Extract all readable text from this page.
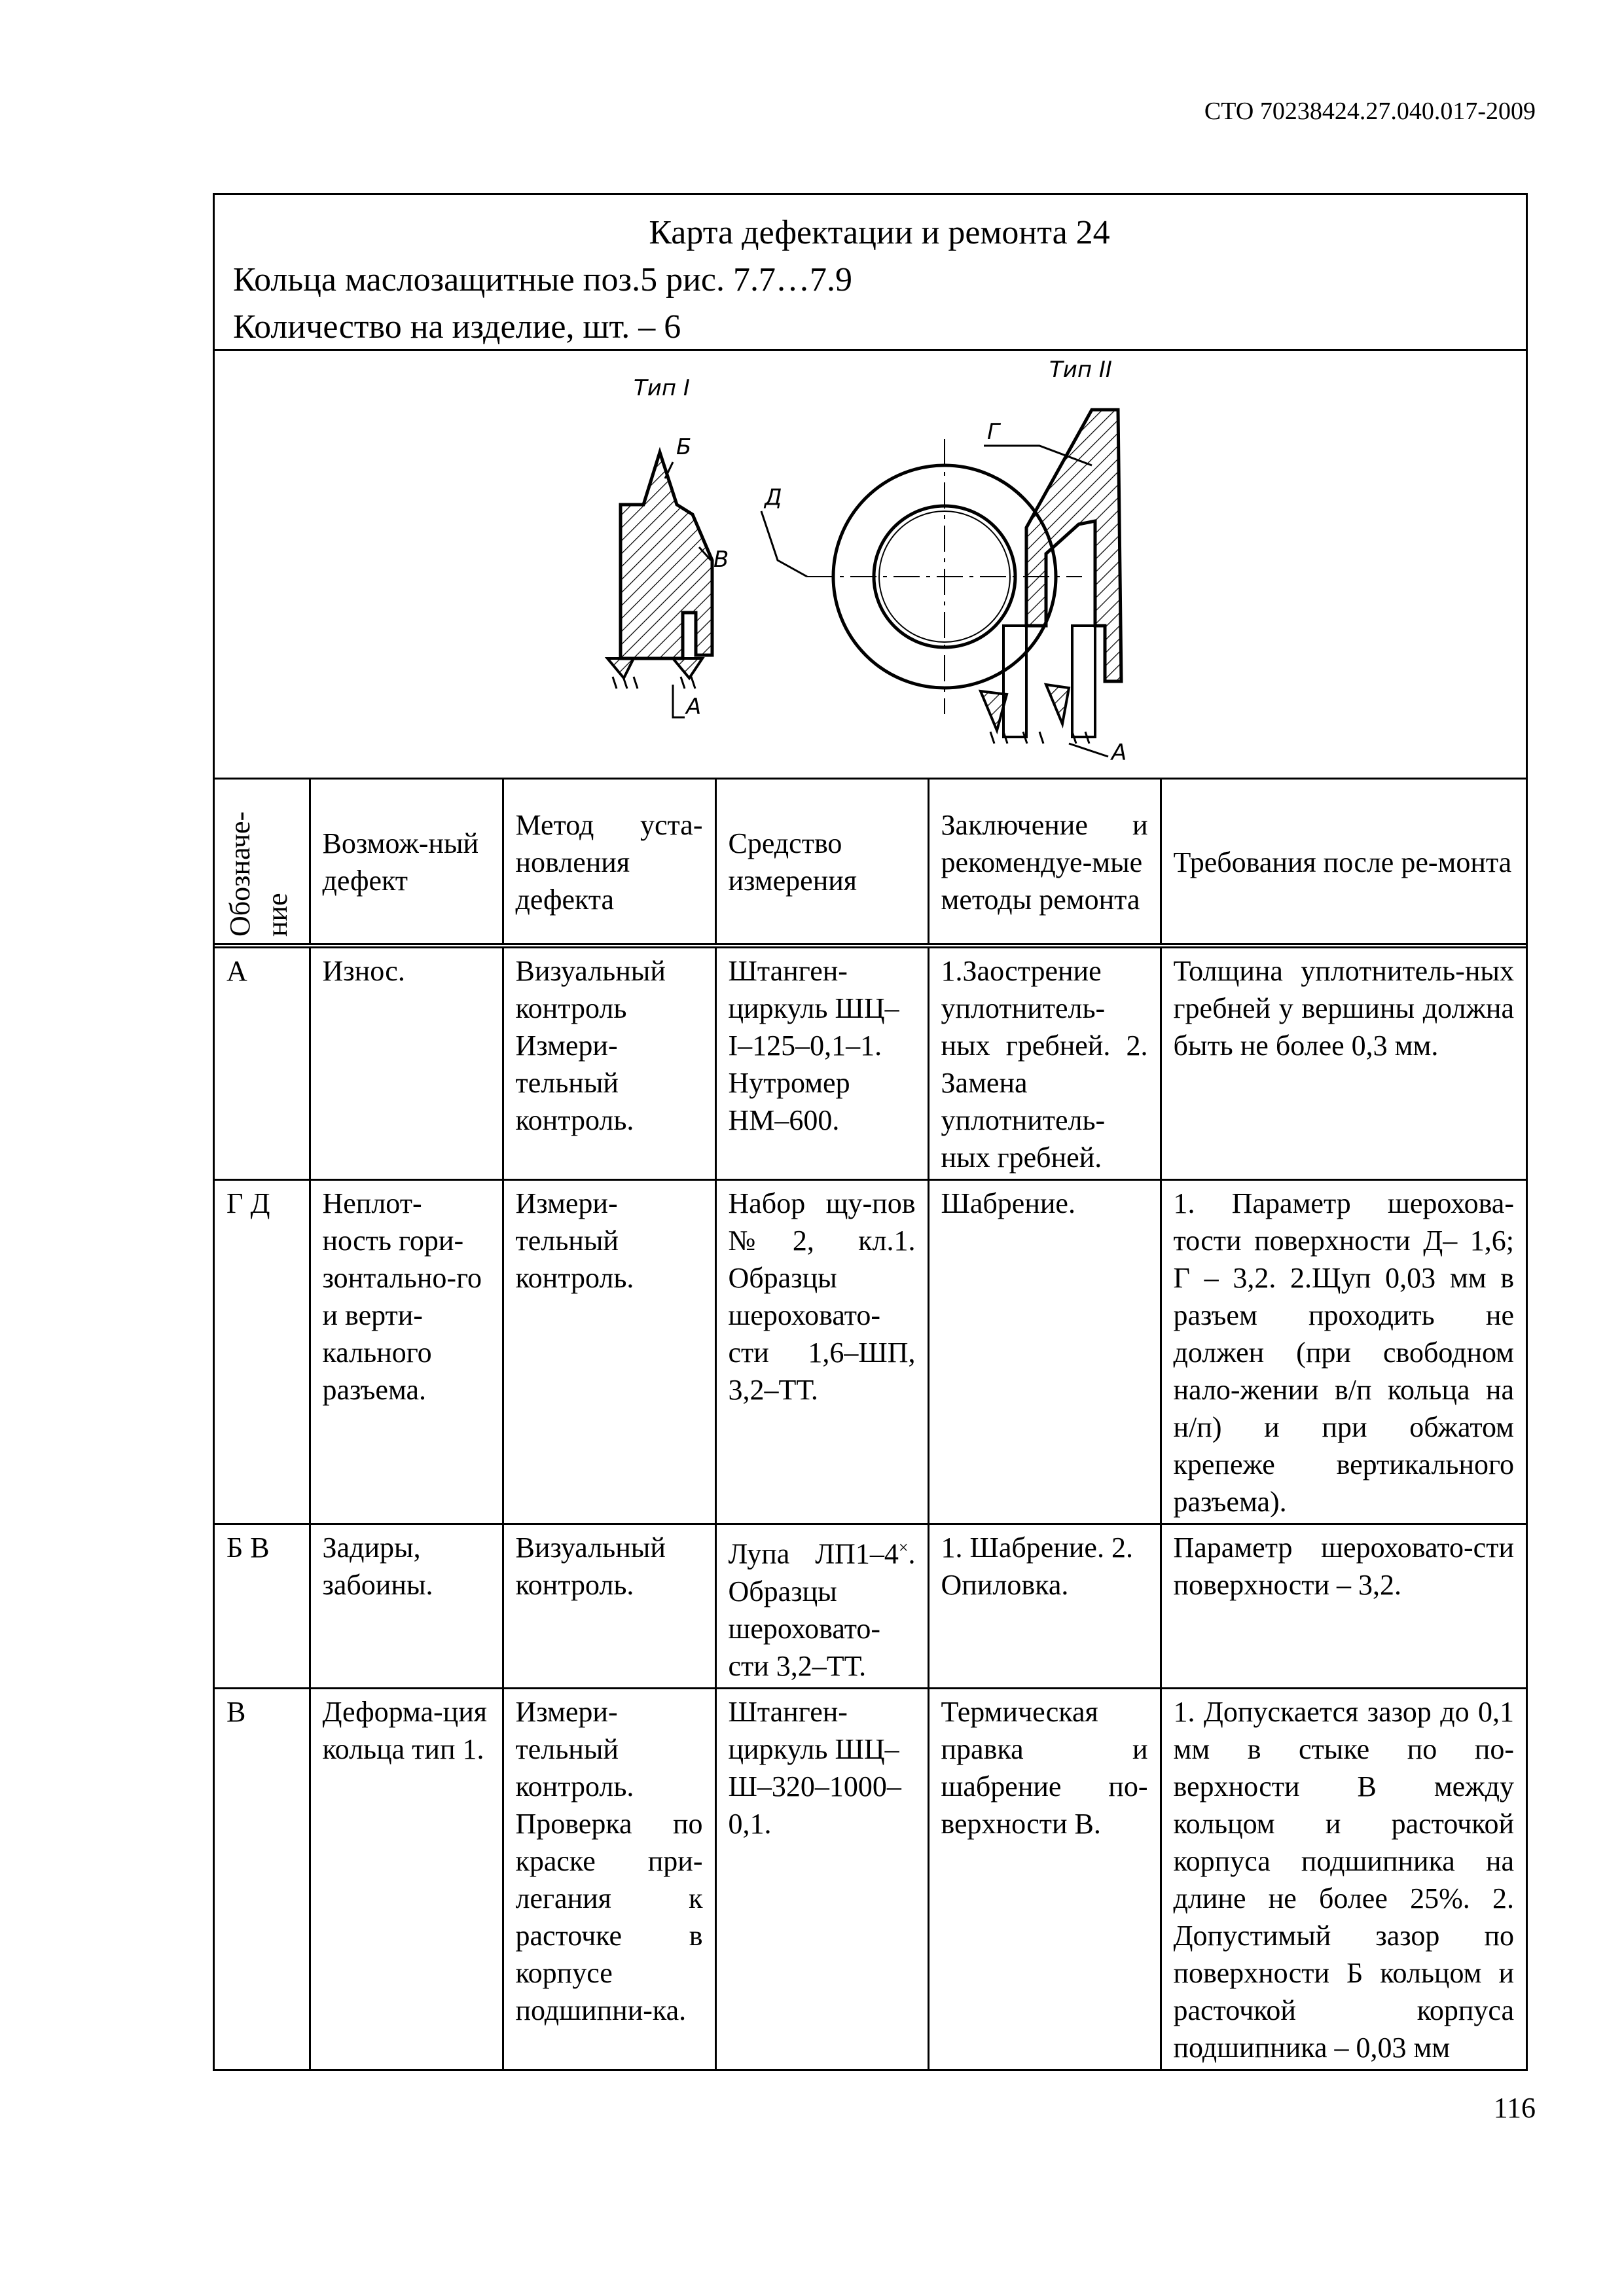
СТО 70238424.27.040.017-2009
Карта дефектации и ремонта 24
Кольца маслозащитные поз.5 рис. 7.7…7.9
Количество на изделие, шт. – 6
Тип I
Б
В
А
Д
Тип II
Г
А
Обозначе-ние	Возмож-ный дефект	Метод уста-новления дефекта	Средство измерения	Заключение и рекомендуе-мые методы ремонта	Требования после ре-монта
А	Износ.	Визуальный контроль Измери-тельный контроль.	Штанген-циркуль ШЦ–I–125–0,1–1. Нутромер НМ–600.	1.Заострение уплотнитель-ных гребней. 2. Замена уплотнитель-ных гребней.	Толщина уплотнитель-ных гребней у вершины должна быть не более 0,3 мм.
Г Д	Неплот-ность гори-зонтально-го и верти-кального разъема.	Измери-тельный контроль.	Набор щу-пов №2, кл.1. Образцы шероховато-сти 1,6–ШП, 3,2–ТТ.	Шабрение.	1. Параметр шерохова-тости поверхности Д– 1,6; Г – 3,2. 2.Щуп 0,03 мм в разъем проходить не должен (при свободном нало-жении в/п кольца на н/п) и при обжатом крепеже вертикального разъема).
Б В	Задиры, забоины.	Визуальный контроль.	Лупа ЛП1–4×. Образцы шероховато-сти 3,2–ТТ.	1. Шабрение. 2. Опиловка.	Параметр шероховато-сти поверхности – 3,2.
В	Деформа-ция кольца тип 1.	Измери-тельный контроль. Проверка по краске при-легания к расточке в корпусе подшипни-ка.	Штанген-циркуль ШЦ–Ш–320–1000–0,1.	Термическая правка и шабрение по-верхности В.	1. Допускается зазор до 0,1 мм в стыке по по-верхности В между кольцом и расточкой корпуса подшипника на длине не более 25%. 2. Допустимый зазор по поверхности Б кольцом и расточкой корпуса подшипника – 0,03 мм
116
